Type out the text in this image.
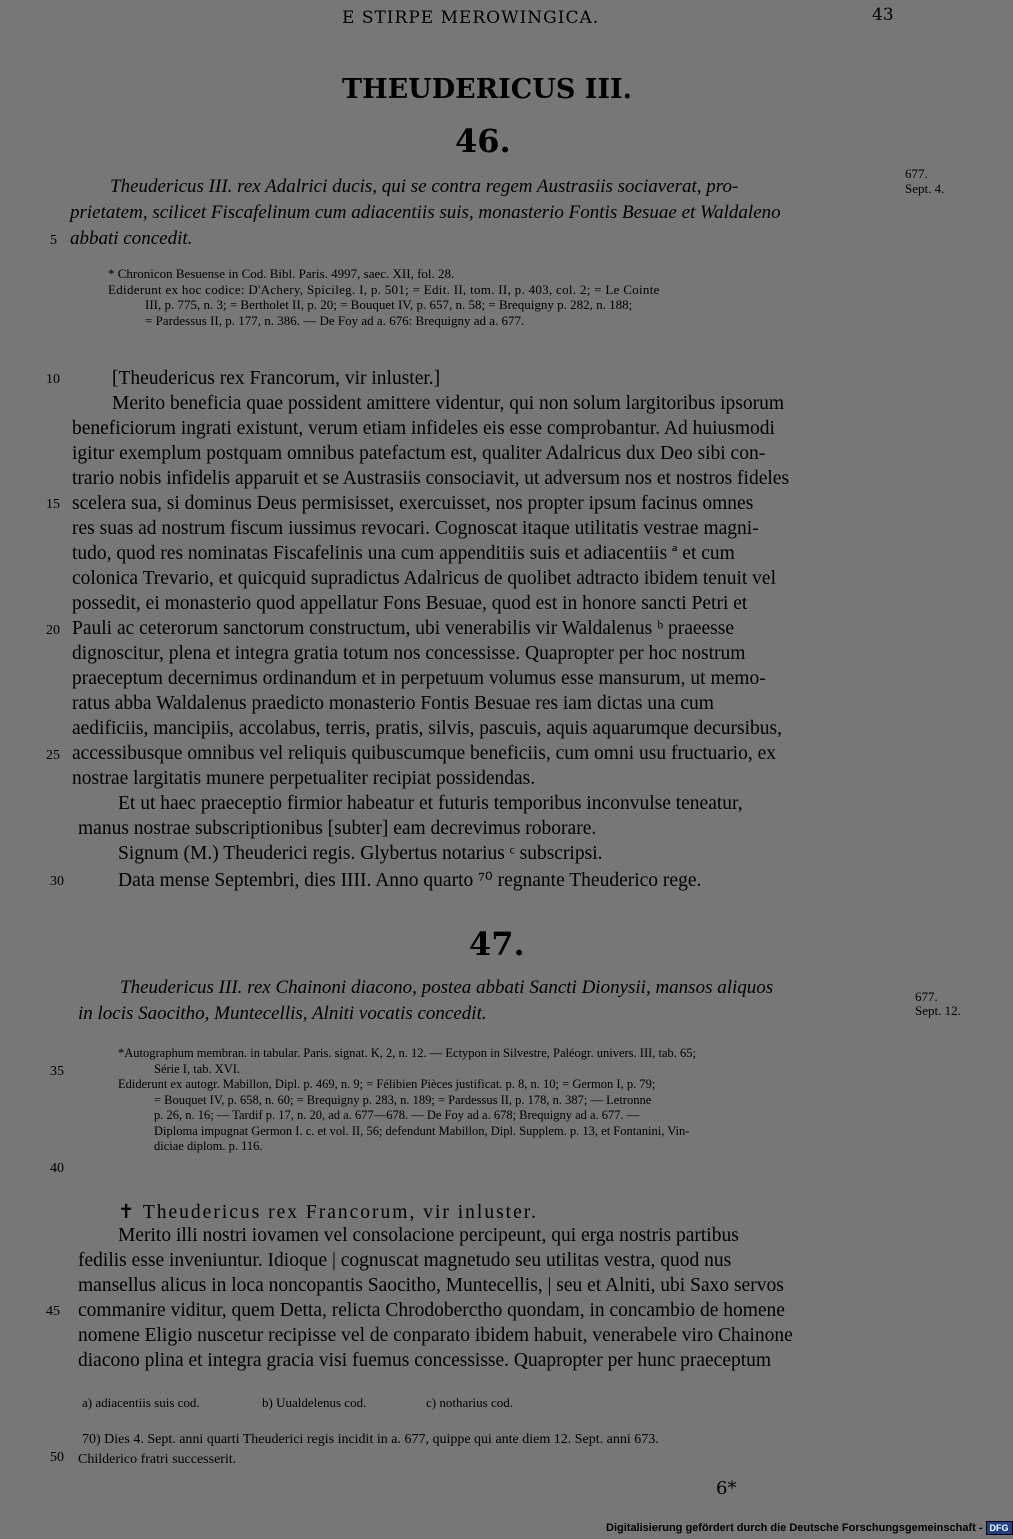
E STIRPE MEROWINGICA.	43
THEUDERICUS III.
46.
677.
Sept. 4.
Theudericus III. rex Adalrici ducis, qui se contra regem Austrasiis sociaverat, pro-
prietatem, scilicet Fiscafelinum cum adiacentiis suis, monasterio Fontis Besuae et Waldaleno
abbati concedit.
* Chronicon Besuense in Cod. Bibl. Paris. 4997, saec. XII, fol. 28.
Ediderunt ex hoc codice: D'Achery, Spicileg. I, p. 501; = Edit. II, tom. II, p. 403, col. 2; = Le Cointe
III, p. 775, n. 3; = Bertholet II, p. 20; = Bouquet IV, p. 657, n. 58; = Brequigny p. 282, n. 188;
= Pardessus II, p. 177, n. 386. — De Foy ad a. 676: Brequigny ad a. 677.
5
10
15
20
25
30
35
40
45
50
[Theudericus rex Francorum, vir inluster.]
Merito beneficia quae possident amittere videntur, qui non solum largitoribus ipsorum
beneficiorum ingrati existunt, verum etiam infideles eis esse comprobantur. Ad huiusmodi
igitur exemplum postquam omnibus patefactum est, qualiter Adalricus dux Deo sibi con-
trario nobis infidelis apparuit et se Austrasiis consociavit, ut adversum nos et nostros fideles
scelera sua, si dominus Deus permisisset, exercuisset, nos propter ipsum facinus omnes
res suas ad nostrum fiscum iussimus revocari. Cognoscat itaque utilitatis vestrae magni-
tudo, quod res nominatas Fiscafelinis una cum appenditiis suis et adiacentiis ª et cum
colonica Trevario, et quicquid supradictus Adalricus de quolibet adtracto ibidem tenuit vel
possedit, ei monasterio quod appellatur Fons Besuae, quod est in honore sancti Petri et
Pauli ac ceterorum sanctorum constructum, ubi venerabilis vir Waldalenus ᵇ praeesse
dignoscitur, plena et integra gratia totum nos concessisse. Quapropter per hoc nostrum
praeceptum decernimus ordinandum et in perpetuum volumus esse mansurum, ut memo-
ratus abba Waldalenus praedicto monasterio Fontis Besuae res iam dictas una cum
aedificiis, mancipiis, accolabus, terris, pratis, silvis, pascuis, aquis aquarumque decursibus,
accessibusque omnibus vel reliquis quibuscumque beneficiis, cum omni usu fructuario, ex
nostrae largitatis munere perpetualiter recipiat possidendas.
Et ut haec praeceptio firmior habeatur et futuris temporibus inconvulse teneatur,
manus nostrae subscriptionibus [subter] eam decrevimus roborare.
Signum (M.) Theuderici regis. Glybertus notarius ᶜ subscripsi.
Data mense Septembri, dies IIII. Anno quarto ⁷⁰ regnante Theuderico rege.
47.
677.
Sept. 12.
Theudericus III. rex Chainoni diacono, postea abbati Sancti Dionysii, mansos aliquos
in locis Saocitho, Muntecellis, Alniti vocatis concedit.
*Autographum membran. in tabular. Paris. signat. K, 2, n. 12. — Ectypon in Silvestre, Paléogr. univers. III, tab. 65;
Série I, tab. XVI.
Ediderunt ex autogr. Mabillon, Dipl. p. 469, n. 9; = Félibien Pièces justificat. p. 8, n. 10; = Germon I, p. 79;
= Bouquet IV, p. 658, n. 60; = Brequigny p. 283, n. 189; = Pardessus II, p. 178, n. 387; — Letronne
p. 26, n. 16; — Tardif p. 17, n. 20, ad a. 677—678. — De Foy ad a. 678; Brequigny ad a. 677. —
Diploma impugnat Germon I. c. et vol. II, 56; defendunt Mabillon, Dipl. Supplem. p. 13, et Fontanini, Vin-
diciae diplom. p. 116.
✝ Theudericus rex Francorum, vir inluster.
Merito illi nostri iovamen vel consolacione percipeunt, qui erga nostris partibus
fedilis esse inveniuntur. Idioque | cognuscat magnetudo seu utilitas vestra, quod nus
mansellus alicus in loca noncopantis Saocitho, Muntecellis, | seu et Alniti, ubi Saxo servos
commanire viditur, quem Detta, relicta Chrodoberctho quondam, in concambio de homene
nomene Eligio nuscetur recipisse vel de conparato ibidem habuit, venerabele viro Chainone
diacono plina et integra gracia visi fuemus concessisse. Quapropter per hunc praeceptum
a) adiacentiis suis cod.	b) Uualdelenus cod.	c) notharius cod.
70) Dies 4. Sept. anni quarti Theuderici regis incidit in a. 677, quippe qui ante diem 12. Sept. anni 673.
Childerico fratri successerit.
6*
Digitalisierung gefördert durch die Deutsche Forschungsgemeinschaft - DFG
